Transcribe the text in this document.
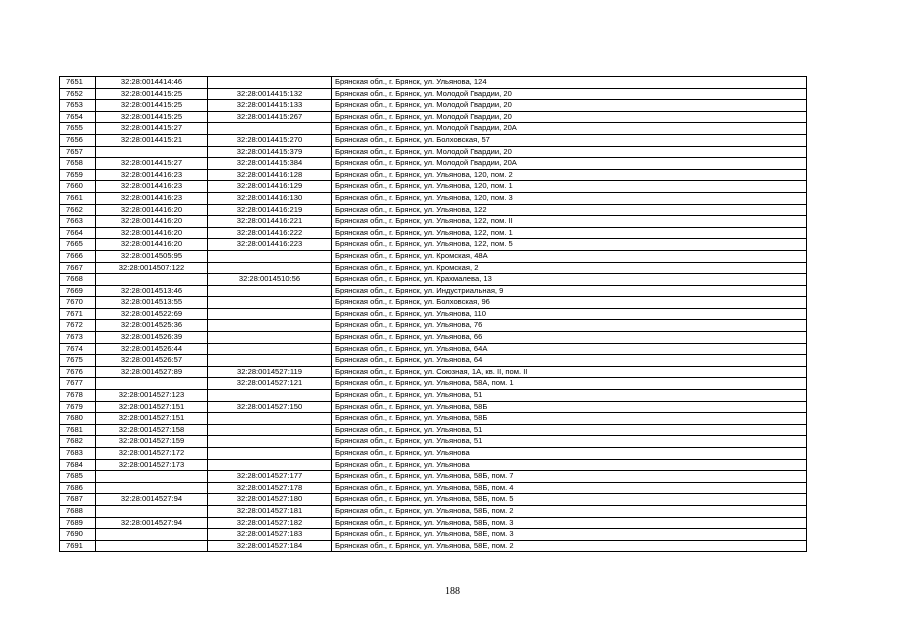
7651	32:28:0014414:46		Брянская обл., г. Брянск, ул. Ульянова, 124
7652	32:28:0014415:25	32:28:0014415:132	Брянская обл., г. Брянск, ул. Молодой Гвардии, 20
7653	32:28:0014415:25	32:28:0014415:133	Брянская обл., г. Брянск, ул. Молодой Гвардии, 20
7654	32:28:0014415:25	32:28:0014415:267	Брянская обл., г. Брянск, ул. Молодой Гвардии, 20
7655	32:28:0014415:27		Брянская обл., г. Брянск, ул. Молодой Гвардии, 20А
7656	32:28:0014415:21	32:28:0014415:270	Брянская обл., г. Брянск, ул. Болховская, 57
7657		32:28:0014415:379	Брянская обл., г. Брянск, ул. Молодой Гвардии, 20
7658	32:28:0014415:27	32:28:0014415:384	Брянская обл., г. Брянск, ул. Молодой Гвардии, 20А
7659	32:28:0014416:23	32:28:0014416:128	Брянская обл., г. Брянск, ул. Ульянова, 120, пом. 2
7660	32:28:0014416:23	32:28:0014416:129	Брянская обл., г. Брянск, ул. Ульянова, 120, пом. 1
7661	32:28:0014416:23	32:28:0014416:130	Брянская обл., г. Брянск, ул. Ульянова, 120, пом. 3
7662	32:28:0014416:20	32:28:0014416:219	Брянская обл., г. Брянск, ул. Ульянова, 122
7663	32:28:0014416:20	32:28:0014416:221	Брянская обл., г. Брянск, ул. Ульянова, 122, пом. II
7664	32:28:0014416:20	32:28:0014416:222	Брянская обл., г. Брянск, ул. Ульянова, 122, пом. 1
7665	32:28:0014416:20	32:28:0014416:223	Брянская обл., г. Брянск, ул. Ульянова, 122, пом. 5
7666	32:28:0014505:95		Брянская обл., г. Брянск, ул. Кромская, 48А
7667	32:28:0014507:122		Брянская обл., г. Брянск, ул. Кромская, 2
7668		32:28:0014510:56	Брянская обл., г. Брянск, ул. Крахмалева, 13
7669	32:28:0014513:46		Брянская обл., г. Брянск, ул. Индустриальная, 9
7670	32:28:0014513:55		Брянская обл., г. Брянск, ул. Болховская, 96
7671	32:28:0014522:69		Брянская обл., г. Брянск, ул. Ульянова, 110
7672	32:28:0014525:36		Брянская обл., г. Брянск, ул. Ульянова, 76
7673	32:28:0014526:39		Брянская обл., г. Брянск, ул. Ульянова, 66
7674	32:28:0014526:44		Брянская обл., г. Брянск, ул. Ульянова, 64А
7675	32:28:0014526:57		Брянская обл., г. Брянск, ул. Ульянова, 64
7676	32:28:0014527:89	32:28:0014527:119	Брянская обл., г. Брянск, ул. Союзная, 1А, кв. II, пом. II
7677		32:28:0014527:121	Брянская обл., г. Брянск, ул. Ульянова, 58А, пом. 1
7678	32:28:0014527:123		Брянская обл., г. Брянск, ул. Ульянова, 51
7679	32:28:0014527:151	32:28:0014527:150	Брянская обл., г. Брянск, ул. Ульянова, 58Б
7680	32:28:0014527:151		Брянская обл., г. Брянск, ул. Ульянова, 58Б
7681	32:28:0014527:158		Брянская обл., г. Брянск, ул. Ульянова, 51
7682	32:28:0014527:159		Брянская обл., г. Брянск, ул. Ульянова, 51
7683	32:28:0014527:172		Брянская обл., г. Брянск, ул. Ульянова
7684	32:28:0014527:173		Брянская обл., г. Брянск, ул. Ульянова
7685		32:28:0014527:177	Брянская обл., г. Брянск, ул. Ульянова, 58Б, пом. 7
7686		32:28:0014527:178	Брянская обл., г. Брянск, ул. Ульянова, 58Б, пом. 4
7687	32:28:0014527:94	32:28:0014527:180	Брянская обл., г. Брянск, ул. Ульянова, 58Б, пом. 5
7688		32:28:0014527:181	Брянская обл., г. Брянск, ул. Ульянова, 58Б, пом. 2
7689	32:28:0014527:94	32:28:0014527:182	Брянская обл., г. Брянск, ул. Ульянова, 58Б, пом. 3
7690		32:28:0014527:183	Брянская обл., г. Брянск, ул. Ульянова, 58Е, пом. 3
7691		32:28:0014527:184	Брянская обл., г. Брянск, ул. Ульянова, 58Е, пом. 2
188
